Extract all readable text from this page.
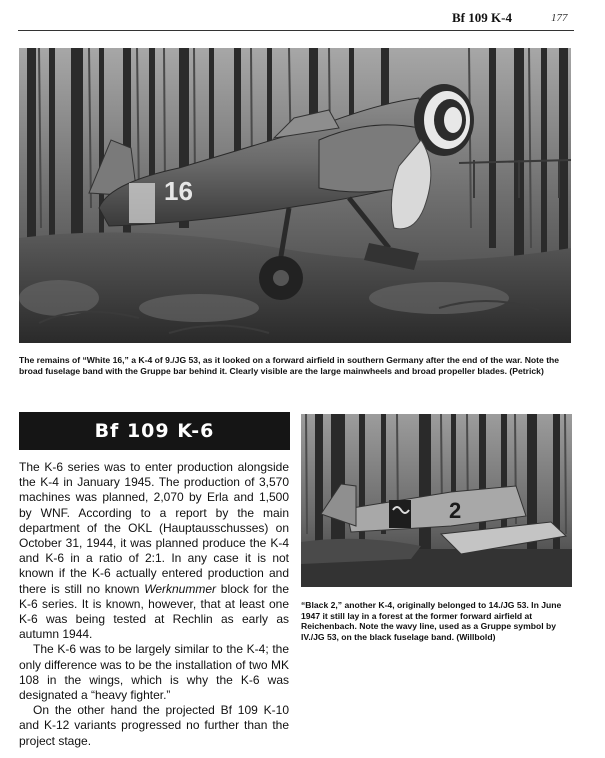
Bf 109 K-4	177
16
The remains of “White 16,” a K-4 of 9./JG 53, as it looked on a forward airfield in southern Germany after the end of the war. Note the broad fuselage band with the Gruppe bar behind it. Clearly visible are the large mainwheels and broad propeller blades. (Petrick)
Bf 109 K-6

The K-6 series was to enter production alongside the K-4 in January 1945. The production of 3,570 machines was planned, 2,070 by Erla and 1,500 by WNF. According to a report by the main department of the OKL (Hauptausschusses) on October 31, 1944, it was planned produce the K-4 and K-6 in a ratio of 2:1. In any case it is not known if the K-6 actually entered production and there is still no known Werknummer block for the K-6 series. It is known, however, that at least one K-6 was being tested at Rechlin as early as autumn 1944.

The K-6 was to be largely similar to the K-4; the only difference was to be the installation of two MK 108 in the wings, which is why the K-6 was designated a “heavy fighter.”

On the other hand the projected Bf 109 K-10 and K-12 variants progressed no further than the project stage.

2
“Black 2,” another K-4, originally belonged to 14./JG 53. In June 1947 it still lay in a forest at the former forward airfield at Reichenbach. Note the wavy line, used as a Gruppe symbol by IV./JG 53, on the black fuselage band. (Willbold)
